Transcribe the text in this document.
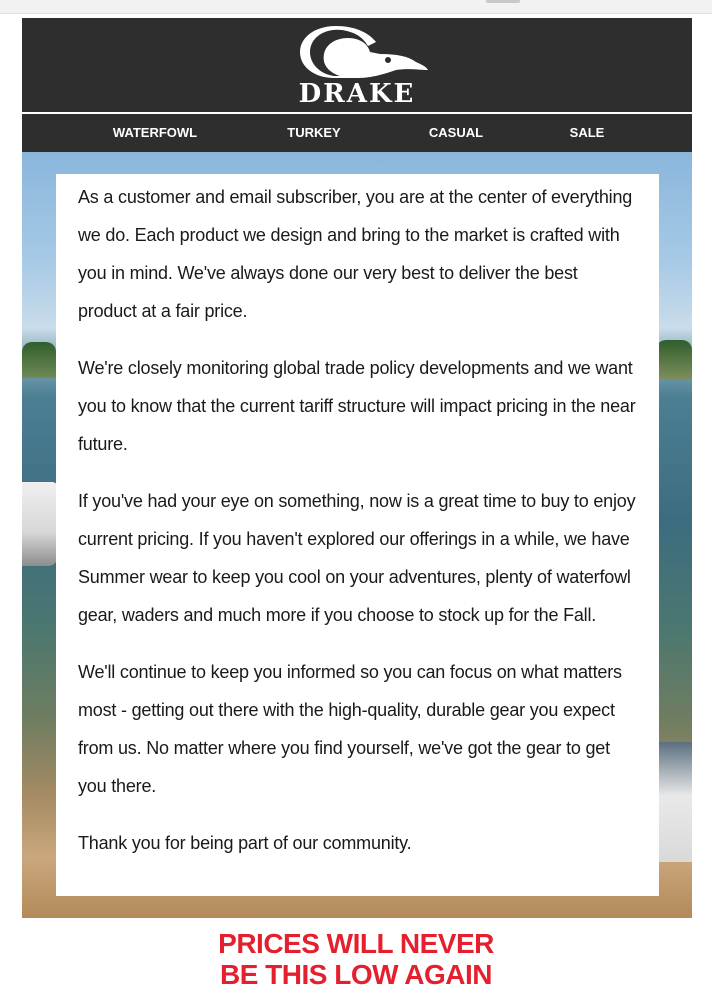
DRAKE
WATERFOWL	TURKEY	CASUAL	SALE

As a customer and email subscriber, you are at the center of everything we do. Each product we design and bring to the market is crafted with you in mind. We've always done our very best to deliver the best product at a fair price.

We're closely monitoring global trade policy developments and we want you to know that the current tariff structure will impact pricing in the near future.

If you've had your eye on something, now is a great time to buy to enjoy current pricing. If you haven't explored our offerings in a while, we have Summer wear to keep you cool on your adventures, plenty of waterfowl gear, waders and much more if you choose to stock up for the Fall.

We'll continue to keep you informed so you can focus on what matters most - getting out there with the high-quality, durable gear you expect from us. No matter where you find yourself, we've got the gear to get you there.

Thank you for being part of our community.

PRICES WILL NEVER
BE THIS LOW AGAIN
